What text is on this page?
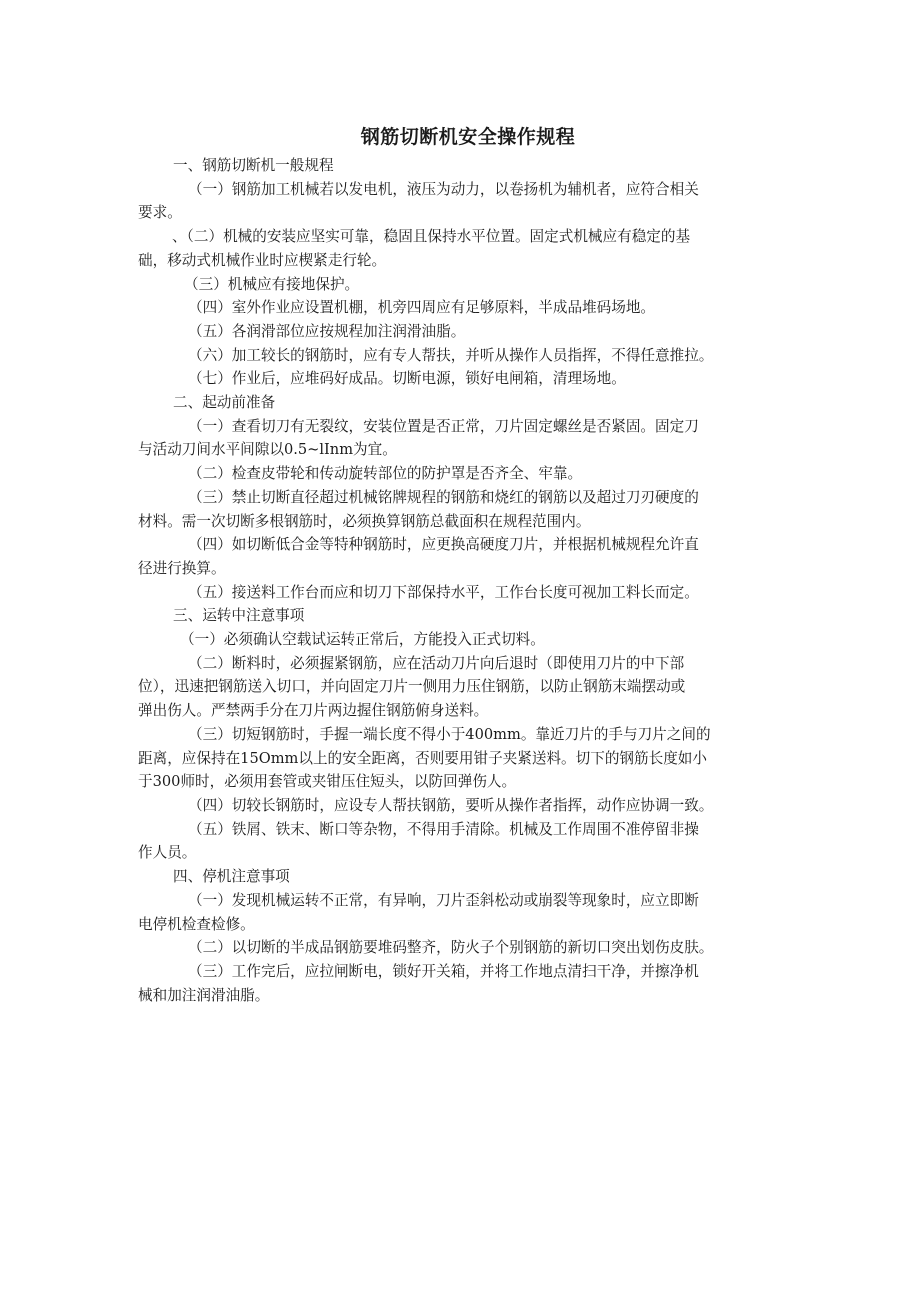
钢筋切断机安全操作规程

一、钢筋切断机一般规程

（一）钢筋加工机械若以发电机，液压为动力，以卷扬机为辅机者，应符合相关

要求。

、（二）机械的安装应坚实可靠，稳固且保持水平位置。固定式机械应有稳定的基

础，移动式机械作业时应楔紧走行轮。

（三）机械应有接地保护。

（四）室外作业应设置机棚，机旁四周应有足够原料，半成品堆码场地。

（五）各润滑部位应按规程加注润滑油脂。

（六）加工较长的钢筋时，应有专人帮扶，并听从操作人员指挥，不得任意推拉。

（七）作业后，应堆码好成品。切断电源，锁好电闸箱，清理场地。

二、起动前准备

（一）查看切刀有无裂纹，安装位置是否正常，刀片固定螺丝是否紧固。固定刀

与活动刀间水平间隙以0.5~lInm为宜。

（二）检查皮带轮和传动旋转部位的防护罩是否齐全、牢靠。

（三）禁止切断直径超过机械铭牌规程的钢筋和烧红的钢筋以及超过刀刃硬度的

材料。需一次切断多根钢筋时，必须换算钢筋总截面积在规程范围内。

（四）如切断低合金等特种钢筋时，应更换高硬度刀片，并根据机械规程允许直

径进行换算。

（五）接送料工作台而应和切刀下部保持水平，工作台长度可视加工料长而定。

三、运转中注意事项

（一）必须确认空载试运转正常后，方能投入正式切料。

（二）断料时，必须握紧钢筋，应在活动刀片向后退时（即使用刀片的中下部

位），迅速把钢筋送入切口，并向固定刀片一侧用力压住钢筋，以防止钢筋末端摆动或

弹出伤人。严禁两手分在刀片两边握住钢筋俯身送料。

（三）切短钢筋时，手握一端长度不得小于400mm。靠近刀片的手与刀片之间的

距离，应保持在15Omm以上的安全距离，否则要用钳子夹紧送料。切下的钢筋长度如小

于300师时，必须用套管或夹钳压住短头，以防回弹伤人。

（四）切较长钢筋时，应设专人帮扶钢筋，要听从操作者指挥，动作应协调一致。

（五）铁屑、铁末、断口等杂物，不得用手清除。机械及工作周围不准停留非操

作人员。

四、停机注意事项

（一）发现机械运转不正常，有异响，刀片歪斜松动或崩裂等现象时，应立即断

电停机检查检修。

（二）以切断的半成品钢筋要堆码整齐，防火子个别钢筋的新切口突出划伤皮肤。

（三）工作完后，应拉闸断电，锁好开关箱，并将工作地点清扫干净，并擦净机

械和加注润滑油脂。
